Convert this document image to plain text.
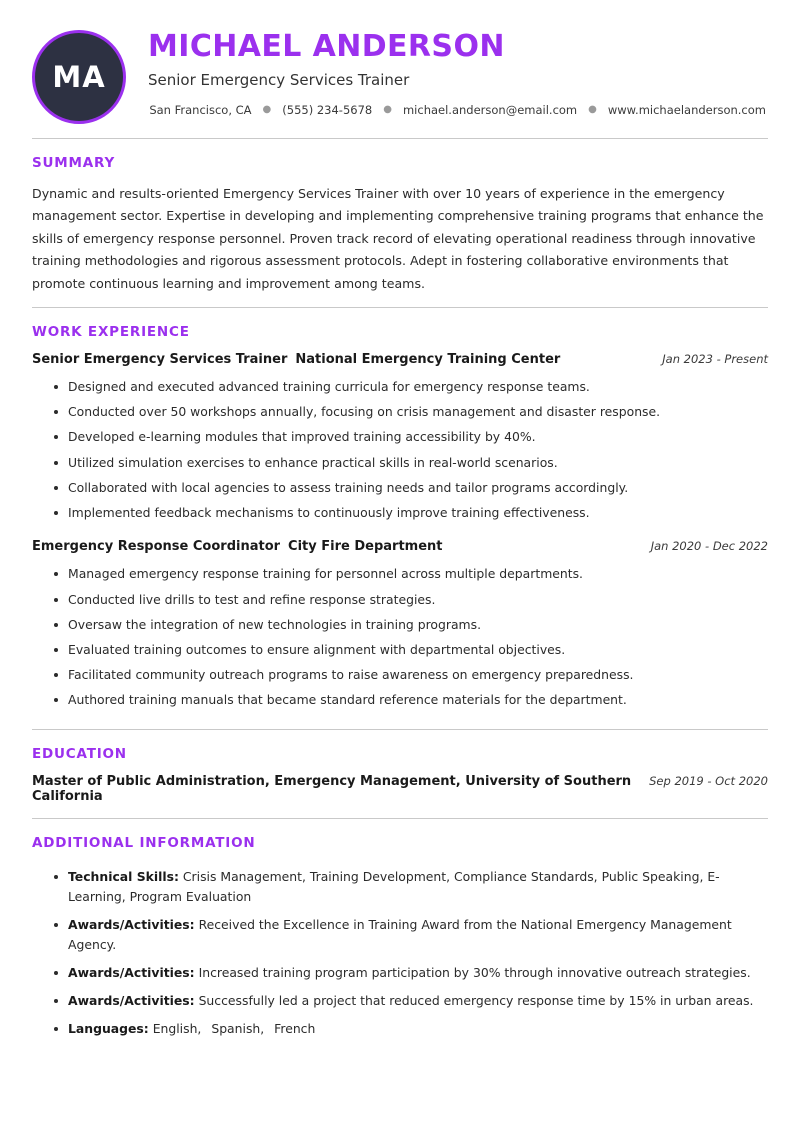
MA
MICHAEL ANDERSON
Senior Emergency Services Trainer
San Francisco, CA	● (555) 234-5678	● michael.anderson@email.com	● www.michaelanderson.com
SUMMARY

Dynamic and results-oriented Emergency Services Trainer with over 10 years of experience in the emergency management sector. Expertise in developing and implementing comprehensive training programs that enhance the skills of emergency response personnel. Proven track record of elevating operational readiness through innovative training methodologies and rigorous assessment protocols. Adept in fostering collaborative environments that promote continuous learning and improvement among teams.

WORK EXPERIENCE
Senior Emergency Services Trainer National Emergency Training Center	Jan 2023 - Present
Designed and executed advanced training curricula for emergency response teams.
Conducted over 50 workshops annually, focusing on crisis management and disaster response.
Developed e-learning modules that improved training accessibility by 40%.
Utilized simulation exercises to enhance practical skills in real-world scenarios.
Collaborated with local agencies to assess training needs and tailor programs accordingly.
Implemented feedback mechanisms to continuously improve training effectiveness.
Emergency Response Coordinator City Fire Department	Jan 2020 - Dec 2022
Managed emergency response training for personnel across multiple departments.
Conducted live drills to test and refine response strategies.
Oversaw the integration of new technologies in training programs.
Evaluated training outcomes to ensure alignment with departmental objectives.
Facilitated community outreach programs to raise awareness on emergency preparedness.
Authored training manuals that became standard reference materials for the department.
EDUCATION
Master of Public Administration, Emergency Management, University of Southern California
Sep 2019 - Oct 2020
ADDITIONAL INFORMATION
Technical Skills: Crisis Management, Training Development, Compliance Standards, Public Speaking, E-Learning, Program Evaluation
Awards/Activities: Received the Excellence in Training Award from the National Emergency Management Agency.
Awards/Activities: Increased training program participation by 30% through innovative outreach strategies.
Awards/Activities: Successfully led a project that reduced emergency response time by 15% in urban areas.
Languages: English, Spanish, French
